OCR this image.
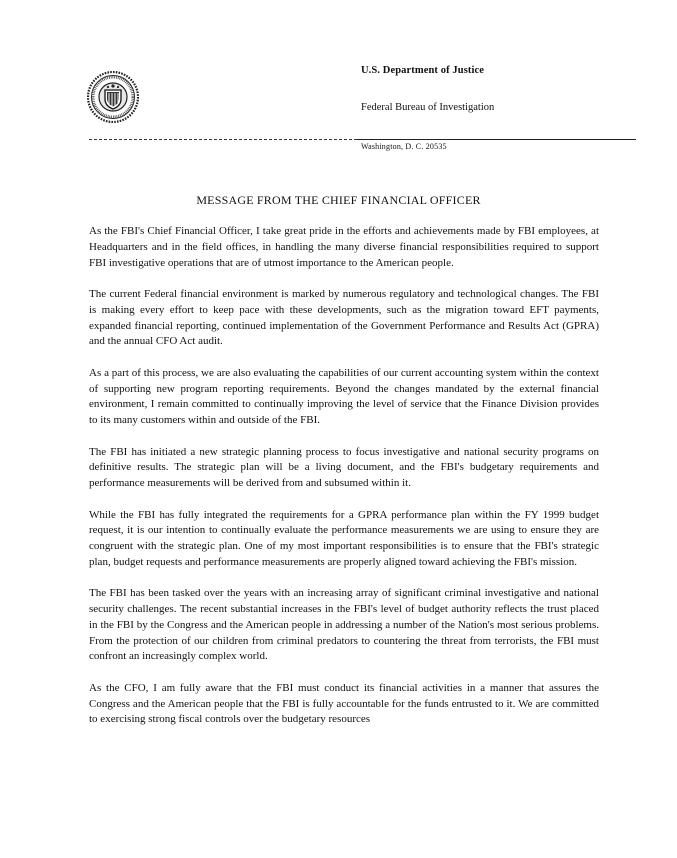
U.S. Department of Justice
Federal Bureau of Investigation
Washington, D. C. 20535
MESSAGE FROM THE CHIEF FINANCIAL OFFICER

As the FBI's Chief Financial Officer, I take great pride in the efforts and achievements made by FBI employees, at Headquarters and in the field offices, in handling the many diverse financial responsibilities required to support FBI investigative operations that are of utmost importance to the American people.

The current Federal financial environment is marked by numerous regulatory and technological changes. The FBI is making every effort to keep pace with these developments, such as the migration toward EFT payments, expanded financial reporting, continued implementation of the Government Performance and Results Act (GPRA) and the annual CFO Act audit.

As a part of this process, we are also evaluating the capabilities of our current accounting system within the context of supporting new program reporting requirements. Beyond the changes mandated by the external financial environment, I remain committed to continually improving the level of service that the Finance Division provides to its many customers within and outside of the FBI.

The FBI has initiated a new strategic planning process to focus investigative and national security programs on definitive results. The strategic plan will be a living document, and the FBI's budgetary requirements and performance measurements will be derived from and subsumed within it.

While the FBI has fully integrated the requirements for a GPRA performance plan within the FY 1999 budget request, it is our intention to continually evaluate the performance measurements we are using to ensure they are congruent with the strategic plan. One of my most important responsibilities is to ensure that the FBI's strategic plan, budget requests and performance measurements are properly aligned toward achieving the FBI's mission.

The FBI has been tasked over the years with an increasing array of significant criminal investigative and national security challenges. The recent substantial increases in the FBI's level of budget authority reflects the trust placed in the FBI by the Congress and the American people in addressing a number of the Nation's most serious problems. From the protection of our children from criminal predators to countering the threat from terrorists, the FBI must confront an increasingly complex world.

As the CFO, I am fully aware that the FBI must conduct its financial activities in a manner that assures the Congress and the American people that the FBI is fully accountable for the funds entrusted to it. We are committed to exercising strong fiscal controls over the budgetary resources
